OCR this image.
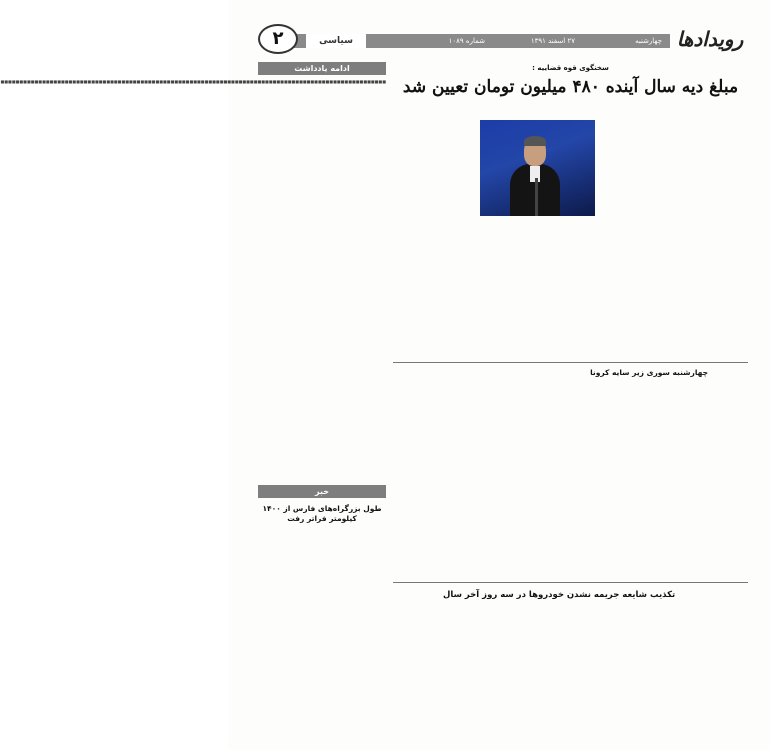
رویدادها
چهارشنبه
۲۷ اسفند ۱۳۹۱
شماره ۱۰۸۹
سیاسی
۲
ادامه یادداشت

■■■■■■■■■■■■■■■■■■■■■■■■■■■■■■■■■■■■■■■■■■■■■■■■■■■■■■■■■■■■■■■■■■■■■■■■■■■■■■■■■■■■■■■■■■■■■■■■■■■■■■

خبر
طول بزرگراه‌های فارس از ۱۴۰۰ کیلومتر فراتر رفت
سخنگوی قوه قضاییه :
مبلغ دیه سال آینده ۴۸۰ میلیون تومان تعیین شد
چهارشنبه سوری زیر سایه کرونا
تکذیب شایعه جریمه نشدن خودروها در سه روز آخر سال
